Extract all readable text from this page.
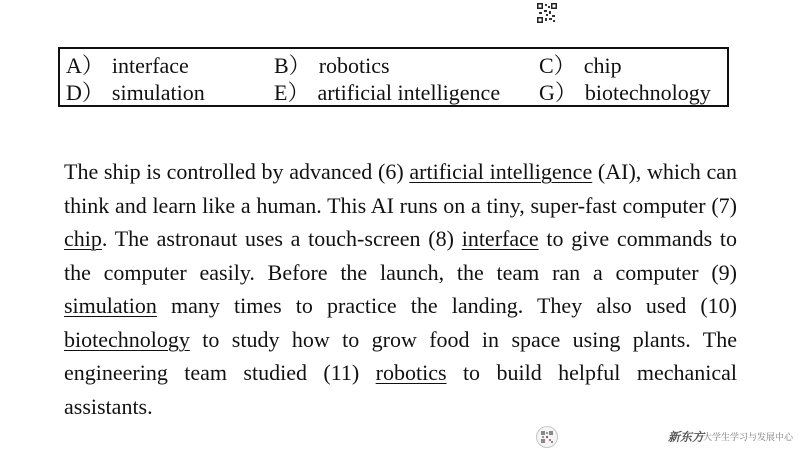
A） interface	B） robotics	C） chip
D） simulation	E） artificial intelligence G） biotechnology

The ship is controlled by advanced (6) artificial intelligence (AI), which can think and learn like a human. This AI runs on a tiny, super-fast computer (7) chip. The astronaut uses a touch-screen (8) interface to give commands to the computer easily. Before the launch, the team ran a computer (9) simulation many times to practice the landing. They also used (10) biotechnology to study how to grow food in space using plants. The engineering team studied (11) robotics to build helpful mechanical assistants.

新东方
大学生学习与发展中心
